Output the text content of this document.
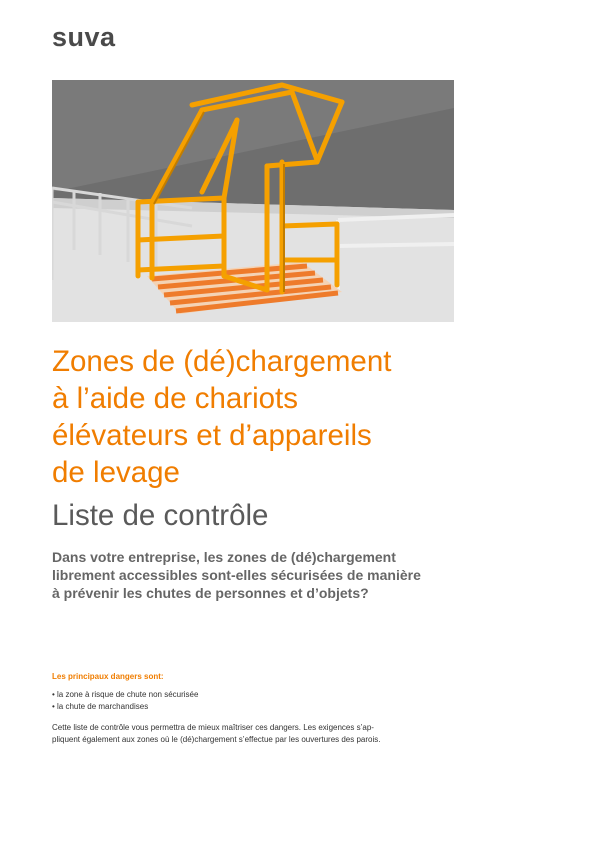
suva
Zones de (dé)chargement
à l’aide de chariots
élévateurs et d’appareils
de levage
Liste de contrôle

Dans votre entreprise, les zones de (dé)chargement
librement accessibles sont-elles sécurisées de manière
à prévenir les chutes de personnes et d’objets?

Les principaux dangers sont:

• la zone à risque de chute non sécurisée
• la chute de marchandises

Cette liste de contrôle vous permettra de mieux maîtriser ces dangers. Les exigences s’ap-
pliquent également aux zones où le (dé)chargement s’effectue par les ouvertures des parois.
